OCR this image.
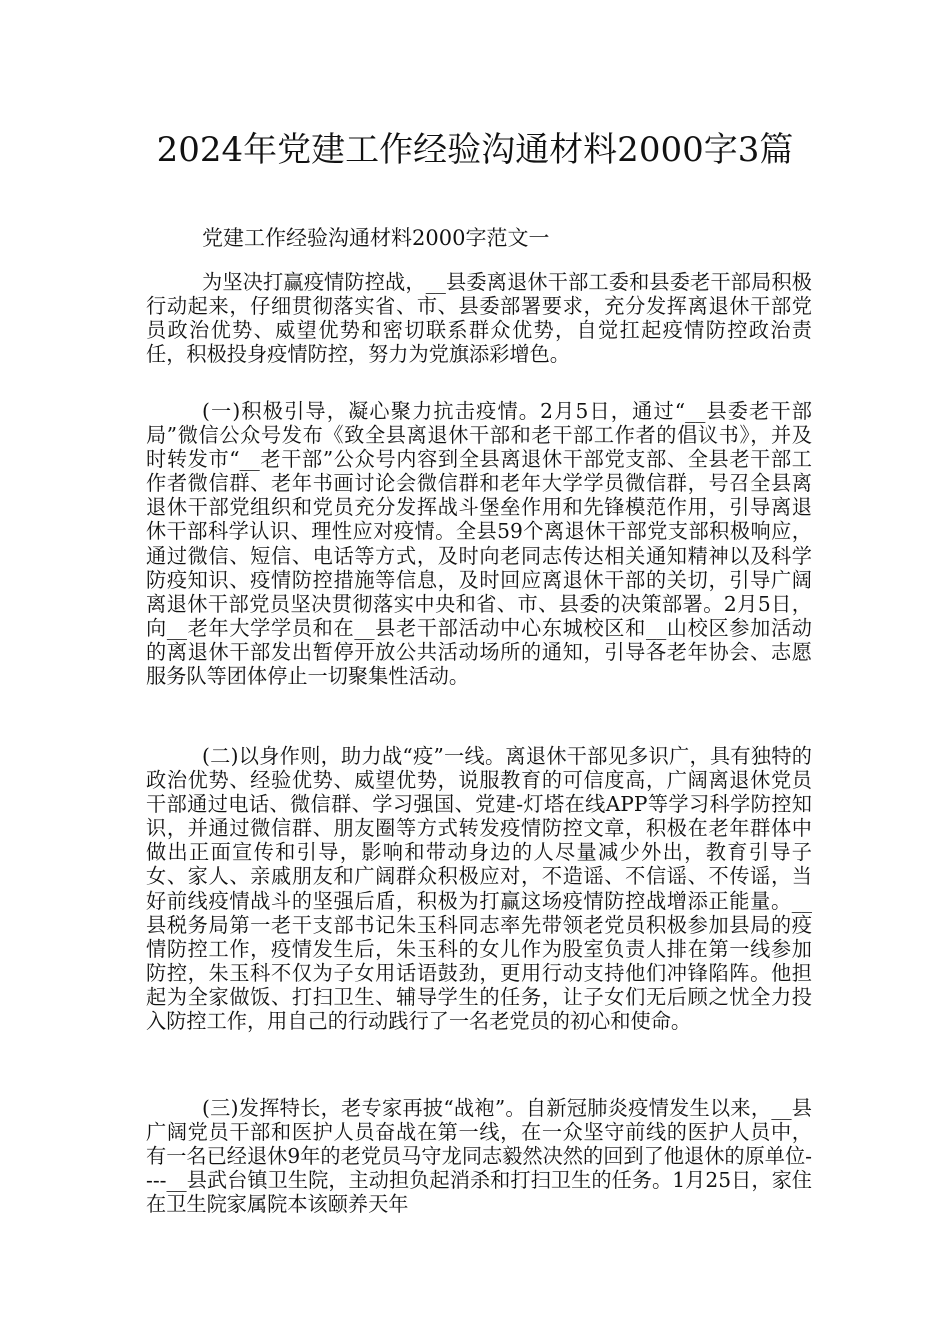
2024年党建工作经验沟通材料2000字3篇

党建工作经验沟通材料2000字范文一

为坚决打赢疫情防控战，__县委离退休干部工委和县委老干部局积极行动起来，仔细贯彻落实省、市、县委部署要求，充分发挥离退休干部党员政治优势、威望优势和密切联系群众优势，自觉扛起疫情防控政治责任，积极投身疫情防控，努力为党旗添彩增色。

(一)积极引导，凝心聚力抗击疫情。2月5日，通过“__县委老干部局”微信公众号发布《致全县离退休干部和老干部工作者的倡议书》，并及时转发市“__老干部”公众号内容到全县离退休干部党支部、全县老干部工作者微信群、老年书画讨论会微信群和老年大学学员微信群，号召全县离退休干部党组织和党员充分发挥战斗堡垒作用和先锋模范作用，引导离退休干部科学认识、理性应对疫情。全县59个离退休干部党支部积极响应，通过微信、短信、电话等方式，及时向老同志传达相关通知精神以及科学防疫知识、疫情防控措施等信息，及时回应离退休干部的关切，引导广阔离退休干部党员坚决贯彻落实中央和省、市、县委的决策部署。2月5日，向__老年大学学员和在__县老干部活动中心东城校区和__山校区参加活动的离退休干部发出暂停开放公共活动场所的通知，引导各老年协会、志愿服务队等团体停止一切聚集性活动。

(二)以身作则，助力战“疫”一线。离退休干部见多识广，具有独特的政治优势、经验优势、威望优势，说服教育的可信度高，广阔离退休党员干部通过电话、微信群、学习强国、党建-灯塔在线APP等学习科学防控知识，并通过微信群、朋友圈等方式转发疫情防控文章，积极在老年群体中做出正面宣传和引导，影响和带动身边的人尽量减少外出，教育引导子女、家人、亲戚朋友和广阔群众积极应对，不造谣、不信谣、不传谣，当好前线疫情战斗的坚强后盾，积极为打赢这场疫情防控战增添正能量。__县税务局第一老干支部书记朱玉科同志率先带领老党员积极参加县局的疫情防控工作，疫情发生后，朱玉科的女儿作为股室负责人排在第一线参加防控，朱玉科不仅为子女用话语鼓劲，更用行动支持他们冲锋陷阵。他担起为全家做饭、打扫卫生、辅导学生的任务，让子女们无后顾之忧全力投入防控工作，用自己的行动践行了一名老党员的初心和使命。

(三)发挥特长，老专家再披“战袍”。自新冠肺炎疫情发生以来，__县广阔党员干部和医护人员奋战在第一线，在一众坚守前线的医护人员中，有一名已经退休9年的老党员马守龙同志毅然决然的回到了他退休的原单位----__县武台镇卫生院，主动担负起消杀和打扫卫生的任务。1月25日，家住在卫生院家属院本该颐养天年
